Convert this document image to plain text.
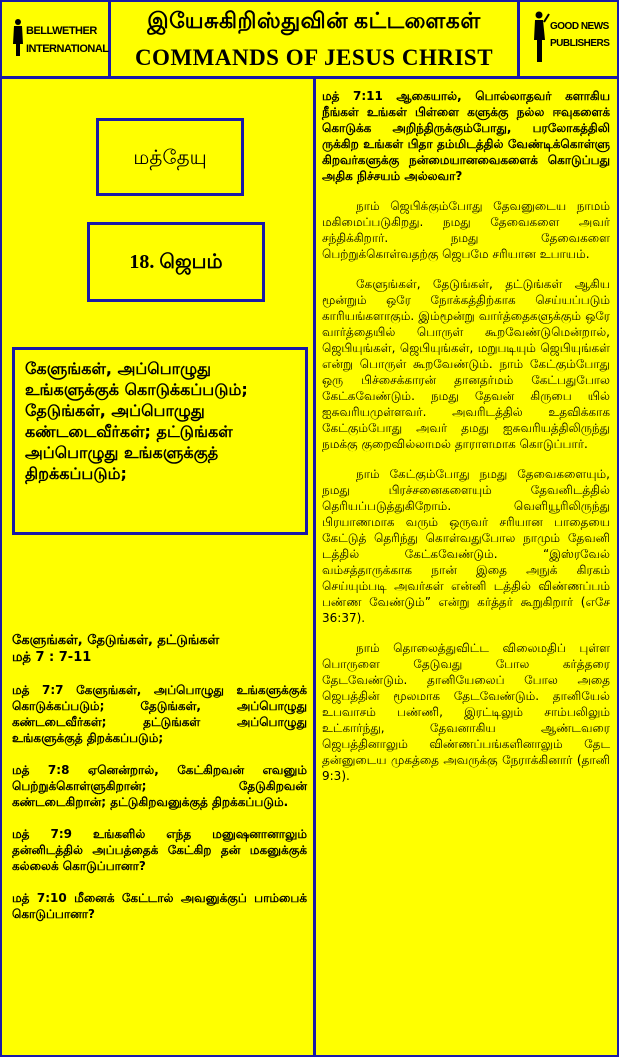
BELLWETHER
INTERNATIONAL
இயேசுகிறிஸ்துவின் கட்டளைகள்
COMMANDS OF JESUS CHRIST
GOOD NEWS
PUBLISHERS
மத்தேயு
18. ஜெபம்
கேளுங்கள், அப்பொழுது உங்களுக்குக் கொடுக்கப்படும்; தேடுங்கள், அப்பொழுது கண்டடைவீர்கள்; தட்டுங்கள் அப்பொழுது உங்களுக்குத் திறக்கப்படும்;
கேளுங்கள், தேடுங்கள், தட்டுங்கள்

மத் 7 : 7-11

மத் 7:7 கேளுங்கள், அப்பொழுது உங்களுக்குக் கொடுக்கப்படும்; தேடுங்கள், அப்பொழுது கண்டடைவீர்கள்; தட்டுங்கள் அப்பொழுது உங்களுக்குத் திறக்கப்படும்;

மத் 7:8 ஏனென்றால், கேட்கிறவன் எவனும் பெற்றுக்கொள்ளுகிறான்; தேடுகிறவன் கண்டடைகிறான்; தட்டுகிறவனுக்குத் திறக்கப்படும்.

மத் 7:9 உங்களில் எந்த மனுஷனானாலும் தன்னிடத்தில் அப்பத்தைக் கேட்கிற தன் மகனுக்குக் கல்லைக் கொடுப்பானா?

மத் 7:10 மீனைக் கேட்டால் அவனுக்குப் பாம்பைக் கொடுப்பானா?

மத் 7:11 ஆகையால், பொல்லாதவர் களாகிய நீங்கள் உங்கள் பிள்ளை களுக்கு நல்ல ஈவுகளைக் கொடுக்க அறிந்திருக்கும்போது, பரலோகத்திலி ருக்கிற உங்கள் பிதா தம்மிடத்தில் வேண்டிக்கொள்ளு கிறவர்களுக்கு நன்மையானவைகளைக் கொடுப்பது அதிக நிச்சயம் அல்லவா?

நாம் ஜெபிக்கும்போது தேவனுடைய நாமம் மகிமைப்படுகிறது. நமது தேவைகளை அவர் சந்திக்கிறார். நமது தேவைகளை பெற்றுக்கொள்வதற்கு ஜெபமே சரியான உபாயம்.

கேளுங்கள், தேடுங்கள், தட்டுங்கள் ஆகிய மூன்றும் ஒரே நோக்கத்திற்காக செய்யப்படும் காரியங்களாகும். இம்மூன்று வார்த்தைகளுக்கும் ஒரே வார்த்தையில் பொருள் கூறவேண்டுமென்றால், ஜெபியுங்கள், ஜெபியுங்கள், மறுபடியும் ஜெபியுங்கள் என்று பொருள் கூறவேண்டும். நாம் கேட்கும்போது ஒரு பிச்சைக்காரன் தானதர்மம் கேட்பதுபோல கேட்கவேண்டும். நமது தேவன் கிருபை யில் ஐசுவரியமுள்ளவர். அவரிடத்தில் உதவிக்காக கேட்கும்போது அவர் தமது ஐசுவரியத்திலிருந்து நமக்கு குறைவில்லாமல் தாராளமாக கொடுப்பார்.

நாம் கேட்கும்போது நமது தேவைகளையும், நமது பிரச்சனைகளையும் தேவனிடத்தில் தெரியப்படுத்துகிறோம். வெளியூரிலிருந்து பிரயாணமாக வரும் ஒருவர் சரியான பாதையை கேட்டுத் தெரிந்து கொள்வதுபோல நாமும் தேவனி டத்தில் கேட்கவேண்டும். “இஸ்ரவேல் வம்சத்தாருக்காக நான் இதை அநுக் கிரகம் செய்யும்படி அவர்கள் என்னி டத்தில் விண்ணப்பம் பண்ண வேண்டும்” என்று கர்த்தர் கூறுகிறார் (எசே 36:37).

நாம் தொலைத்துவிட்ட விலைமதிப் புள்ள பொருளை தேடுவது போல கர்த்தரை தேடவேண்டும். தானியேலைப் போல அதை ஜெபத்தின் மூலமாக தேடவேண்டும். தானியேல் உபவாசம் பண்ணி, இரட்டிலும் சாம்பலிலும் உட்கார்ந்து, தேவனாகிய ஆண்டவரை ஜெபத்தினாலும் விண்ணப்பங்களினாலும் தேட தன்னுடைய முகத்தை அவருக்கு நேராக்கினார் (தானி 9:3).
